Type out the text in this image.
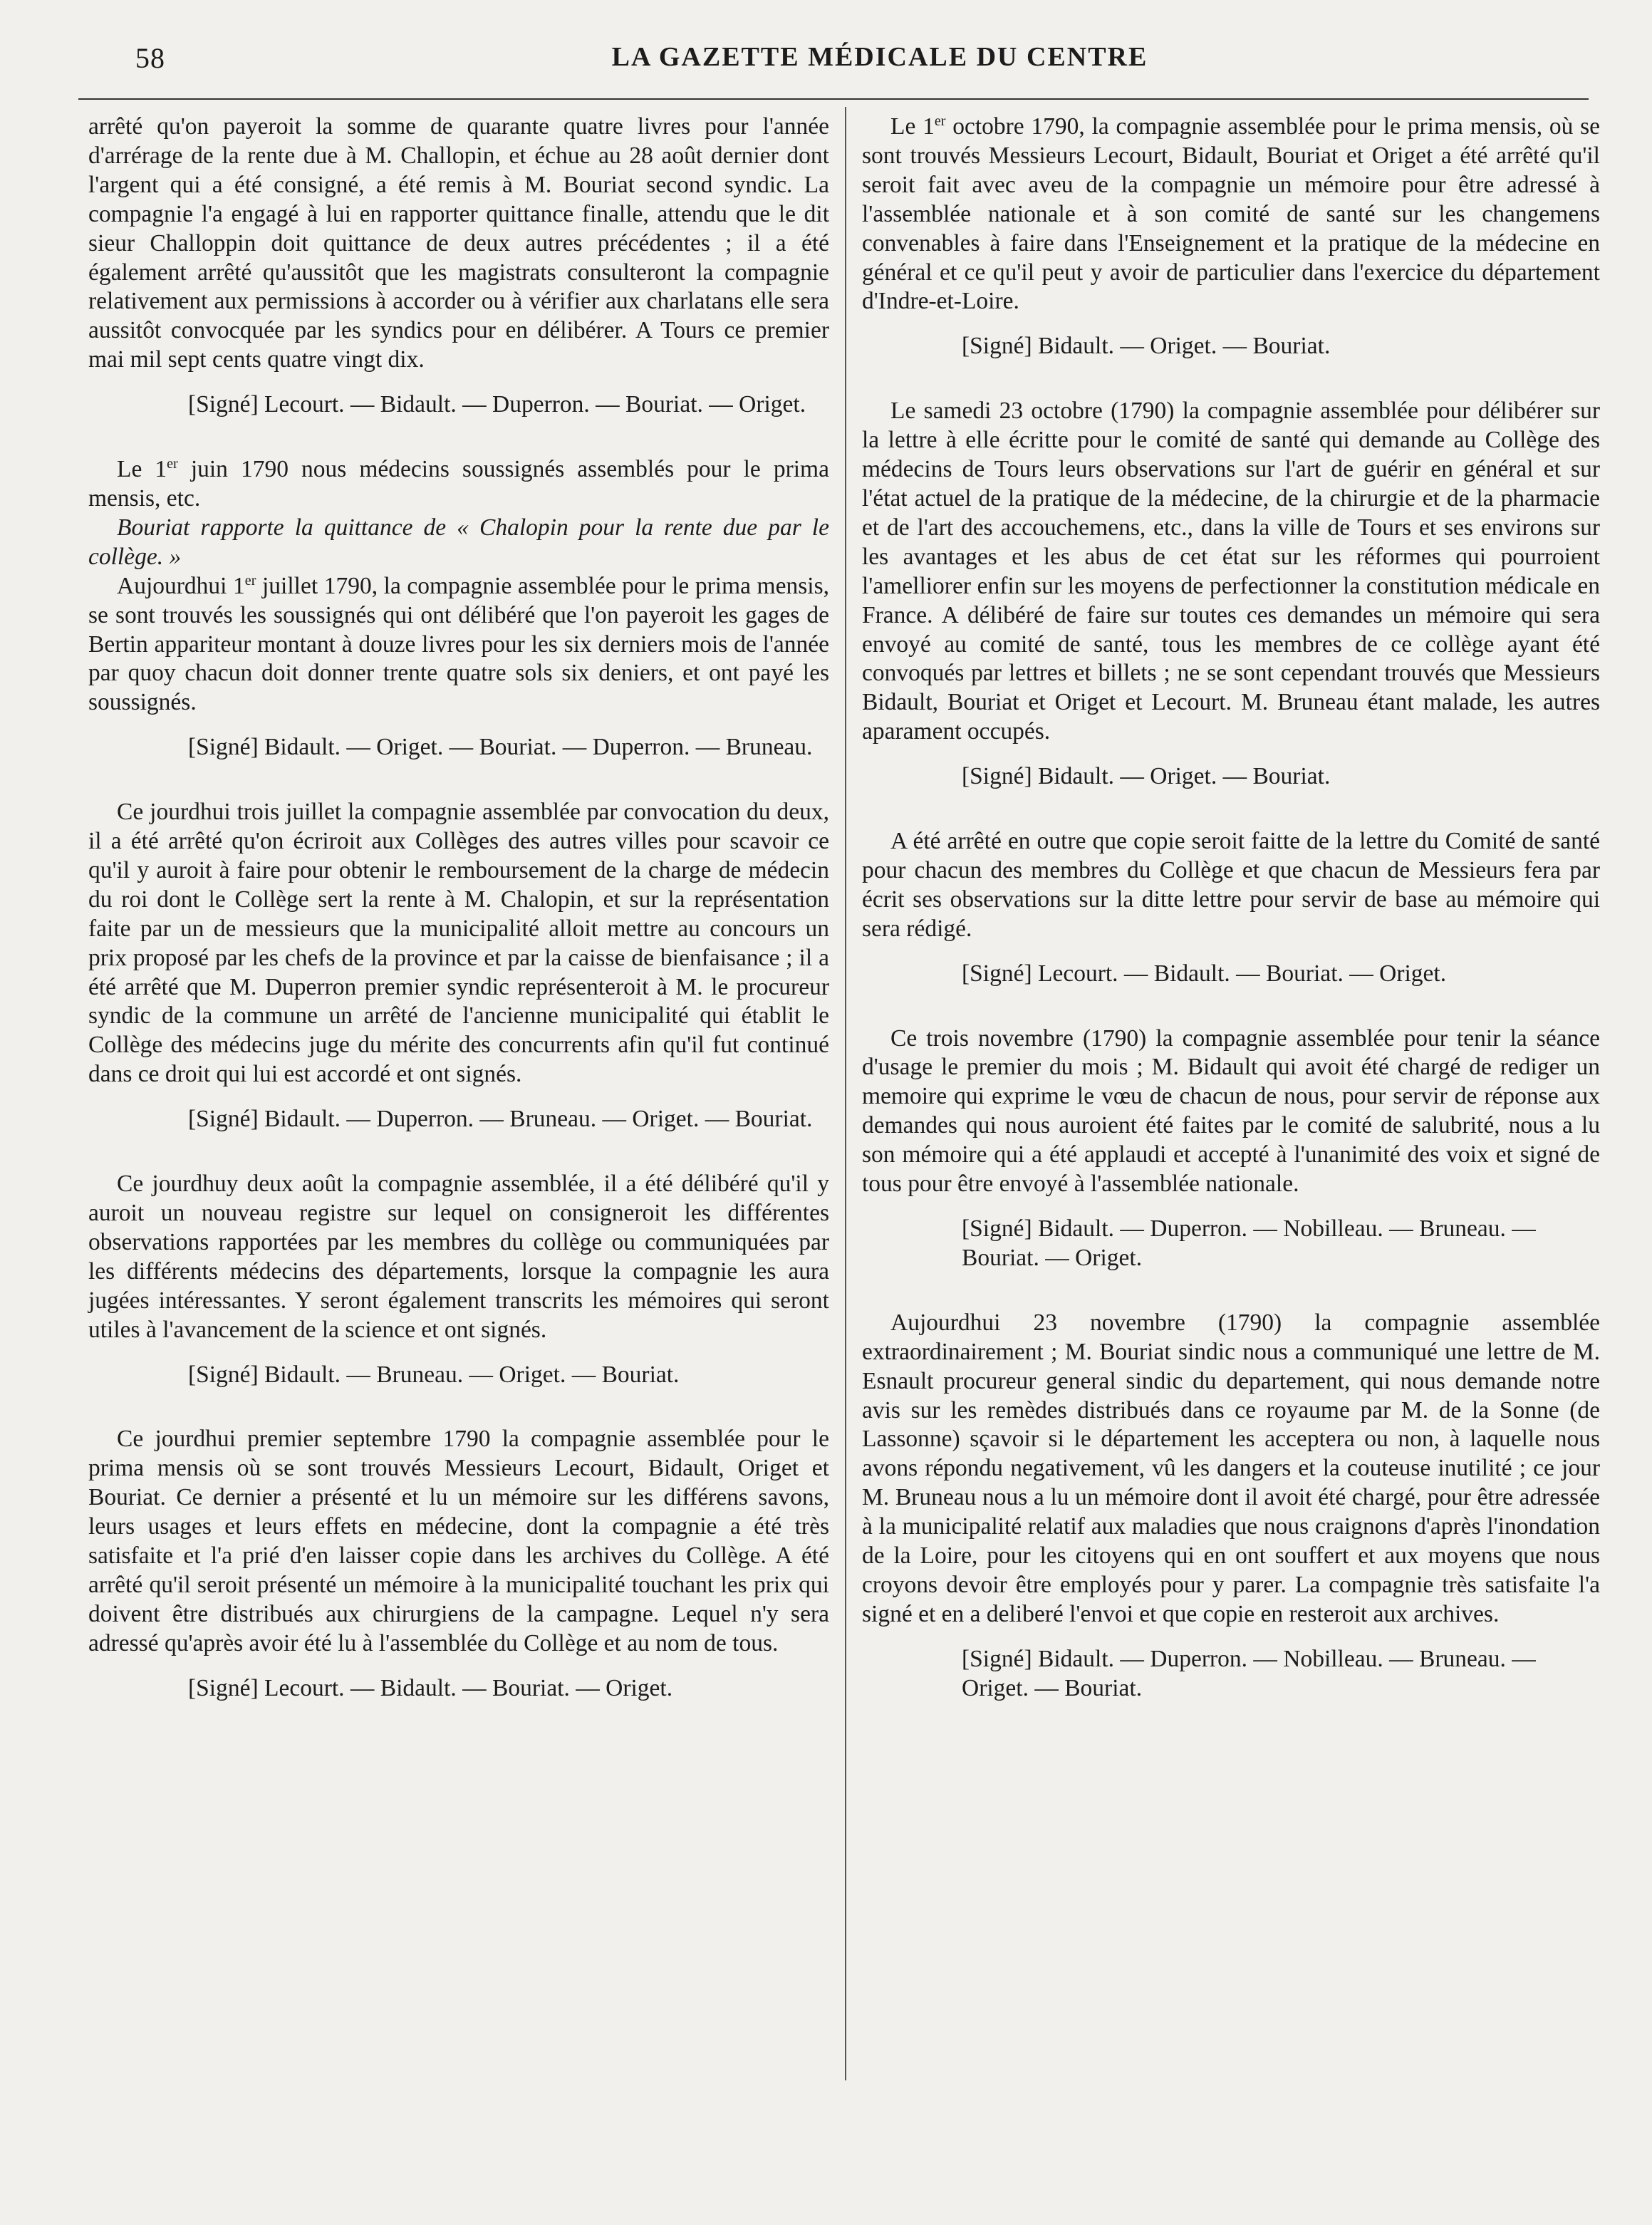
58	LA GAZETTE MÉDICALE DU CENTRE

arrêté qu'on payeroit la somme de quarante quatre livres pour l'année d'arrérage de la rente due à M. Challopin, et échue au 28 août dernier dont l'argent qui a été consigné, a été remis à M. Bouriat second syndic. La compagnie l'a engagé à lui en rapporter quittance finalle, attendu que le dit sieur Challoppin doit quittance de deux autres précédentes ; il a été également arrêté qu'aussitôt que les magistrats consulteront la compagnie relativement aux permissions à accorder ou à vérifier aux charlatans elle sera aussitôt convocquée par les syndics pour en délibérer. A Tours ce premier mai mil sept cents quatre vingt dix.

[Signé] Lecourt. — Bidault. — Duperron. — Bouriat. — Origet.

Le 1er juin 1790 nous médecins soussignés assemblés pour le prima mensis, etc.

Bouriat rapporte la quittance de « Chalopin pour la rente due par le collège. »

Aujourdhui 1er juillet 1790, la compagnie assemblée pour le prima mensis, se sont trouvés les soussignés qui ont délibéré que l'on payeroit les gages de Bertin appariteur montant à douze livres pour les six derniers mois de l'année par quoy chacun doit donner trente quatre sols six deniers, et ont payé les soussignés.

[Signé] Bidault. — Origet. — Bouriat. — Duperron. — Bruneau.

Ce jourdhui trois juillet la compagnie assemblée par convocation du deux, il a été arrêté qu'on écriroit aux Collèges des autres villes pour scavoir ce qu'il y auroit à faire pour obtenir le remboursement de la charge de médecin du roi dont le Collège sert la rente à M. Chalopin, et sur la représentation faite par un de messieurs que la municipalité alloit mettre au concours un prix proposé par les chefs de la province et par la caisse de bienfaisance ; il a été arrêté que M. Duperron premier syndic représenteroit à M. le procureur syndic de la commune un arrêté de l'ancienne municipalité qui établit le Collège des médecins juge du mérite des concurrents afin qu'il fut continué dans ce droit qui lui est accordé et ont signés.

[Signé] Bidault. — Duperron. — Bruneau. — Origet. — Bouriat.

Ce jourdhuy deux août la compagnie assemblée, il a été délibéré qu'il y auroit un nouveau registre sur lequel on consigneroit les différentes observations rapportées par les membres du collège ou communiquées par les différents médecins des départements, lorsque la compagnie les aura jugées intéressantes. Y seront également transcrits les mémoires qui seront utiles à l'avancement de la science et ont signés.

[Signé] Bidault. — Bruneau. — Origet. — Bouriat.

Ce jourdhui premier septembre 1790 la compagnie assemblée pour le prima mensis où se sont trouvés Messieurs Lecourt, Bidault, Origet et Bouriat. Ce dernier a présenté et lu un mémoire sur les différens savons, leurs usages et leurs effets en médecine, dont la compagnie a été très satisfaite et l'a prié d'en laisser copie dans les archives du Collège. A été arrêté qu'il seroit présenté un mémoire à la municipalité touchant les prix qui doivent être distribués aux chirurgiens de la campagne. Lequel n'y sera adressé qu'après avoir été lu à l'assemblée du Collège et au nom de tous.

[Signé] Lecourt. — Bidault. — Bouriat. — Origet.

Le 1er octobre 1790, la compagnie assemblée pour le prima mensis, où se sont trouvés Messieurs Lecourt, Bidault, Bouriat et Origet a été arrêté qu'il seroit fait avec aveu de la compagnie un mémoire pour être adressé à l'assemblée nationale et à son comité de santé sur les changemens convenables à faire dans l'Enseignement et la pratique de la médecine en général et ce qu'il peut y avoir de particulier dans l'exercice du département d'Indre-et-Loire.

[Signé] Bidault. — Origet. — Bouriat.

Le samedi 23 octobre (1790) la compagnie assemblée pour délibérer sur la lettre à elle écritte pour le comité de santé qui demande au Collège des médecins de Tours leurs observations sur l'art de guérir en général et sur l'état actuel de la pratique de la médecine, de la chirurgie et de la pharmacie et de l'art des accouchemens, etc., dans la ville de Tours et ses environs sur les avantages et les abus de cet état sur les réformes qui pourroient l'amelliorer enfin sur les moyens de perfectionner la constitution médicale en France. A délibéré de faire sur toutes ces demandes un mémoire qui sera envoyé au comité de santé, tous les membres de ce collège ayant été convoqués par lettres et billets ; ne se sont cependant trouvés que Messieurs Bidault, Bouriat et Origet et Lecourt. M. Bruneau étant malade, les autres aparament occupés.

[Signé] Bidault. — Origet. — Bouriat.

A été arrêté en outre que copie seroit faitte de la lettre du Comité de santé pour chacun des membres du Collège et que chacun de Messieurs fera par écrit ses observations sur la ditte lettre pour servir de base au mémoire qui sera rédigé.

[Signé] Lecourt. — Bidault. — Bouriat. — Origet.

Ce trois novembre (1790) la compagnie assemblée pour tenir la séance d'usage le premier du mois ; M. Bidault qui avoit été chargé de rediger un memoire qui exprime le vœu de chacun de nous, pour servir de réponse aux demandes qui nous auroient été faites par le comité de salubrité, nous a lu son mémoire qui a été applaudi et accepté à l'unanimité des voix et signé de tous pour être envoyé à l'assemblée nationale.

[Signé] Bidault. — Duperron. — Nobilleau. — Bruneau. — Bouriat. — Origet.

Aujourdhui 23 novembre (1790) la compagnie assemblée extraordinairement ; M. Bouriat sindic nous a communiqué une lettre de M. Esnault procureur general sindic du departement, qui nous demande notre avis sur les remèdes distribués dans ce royaume par M. de la Sonne (de Lassonne) sçavoir si le département les acceptera ou non, à laquelle nous avons répondu negativement, vû les dangers et la couteuse inutilité ; ce jour M. Bruneau nous a lu un mémoire dont il avoit été chargé, pour être adressée à la municipalité relatif aux maladies que nous craignons d'après l'inondation de la Loire, pour les citoyens qui en ont souffert et aux moyens que nous croyons devoir être employés pour y parer. La compagnie très satisfaite l'a signé et en a deliberé l'envoi et que copie en resteroit aux archives.

[Signé] Bidault. — Duperron. — Nobilleau. — Bruneau. — Origet. — Bouriat.
